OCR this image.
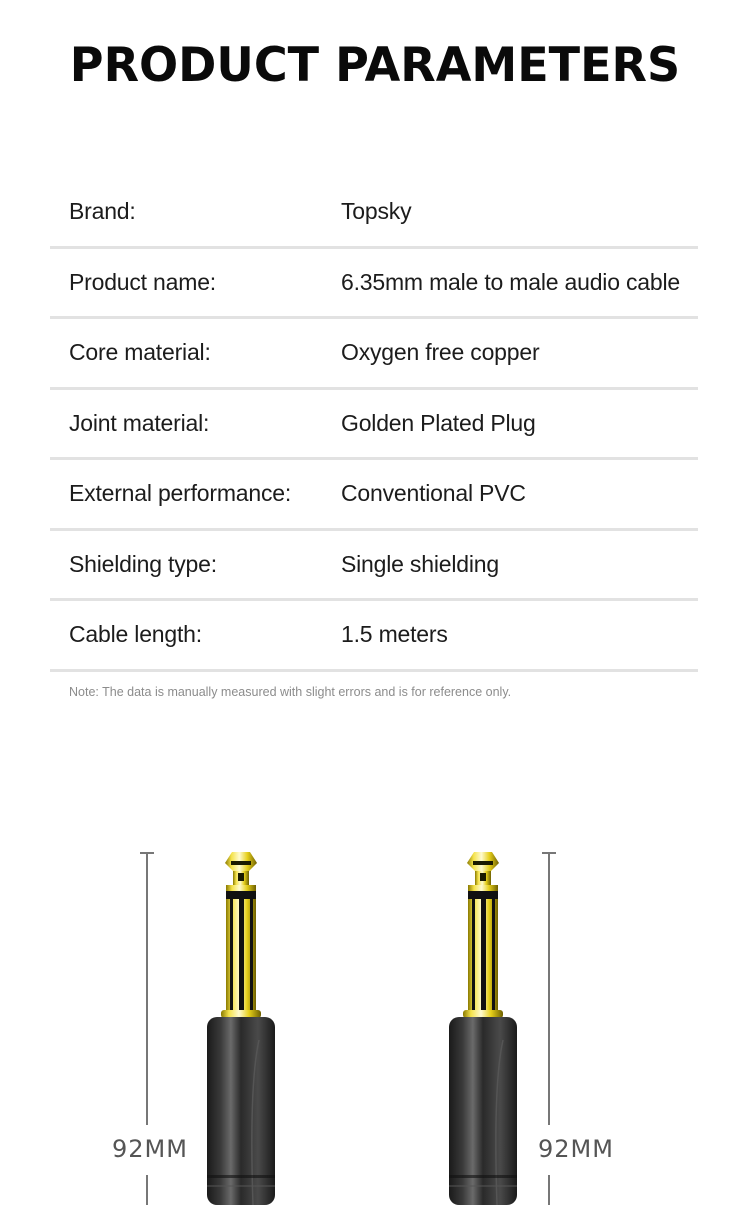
PRODUCT PARAMETERS
Brand:	Topsky
Product name:	6.35mm male to male audio cable
Core material:	Oxygen free copper
Joint material:	Golden Plated Plug
External performance: Conventional PVC
Shielding type:	Single shielding
Cable length:	1.5 meters
Note: The data is manually measured with slight errors and is for reference only.
92MM	92MM
